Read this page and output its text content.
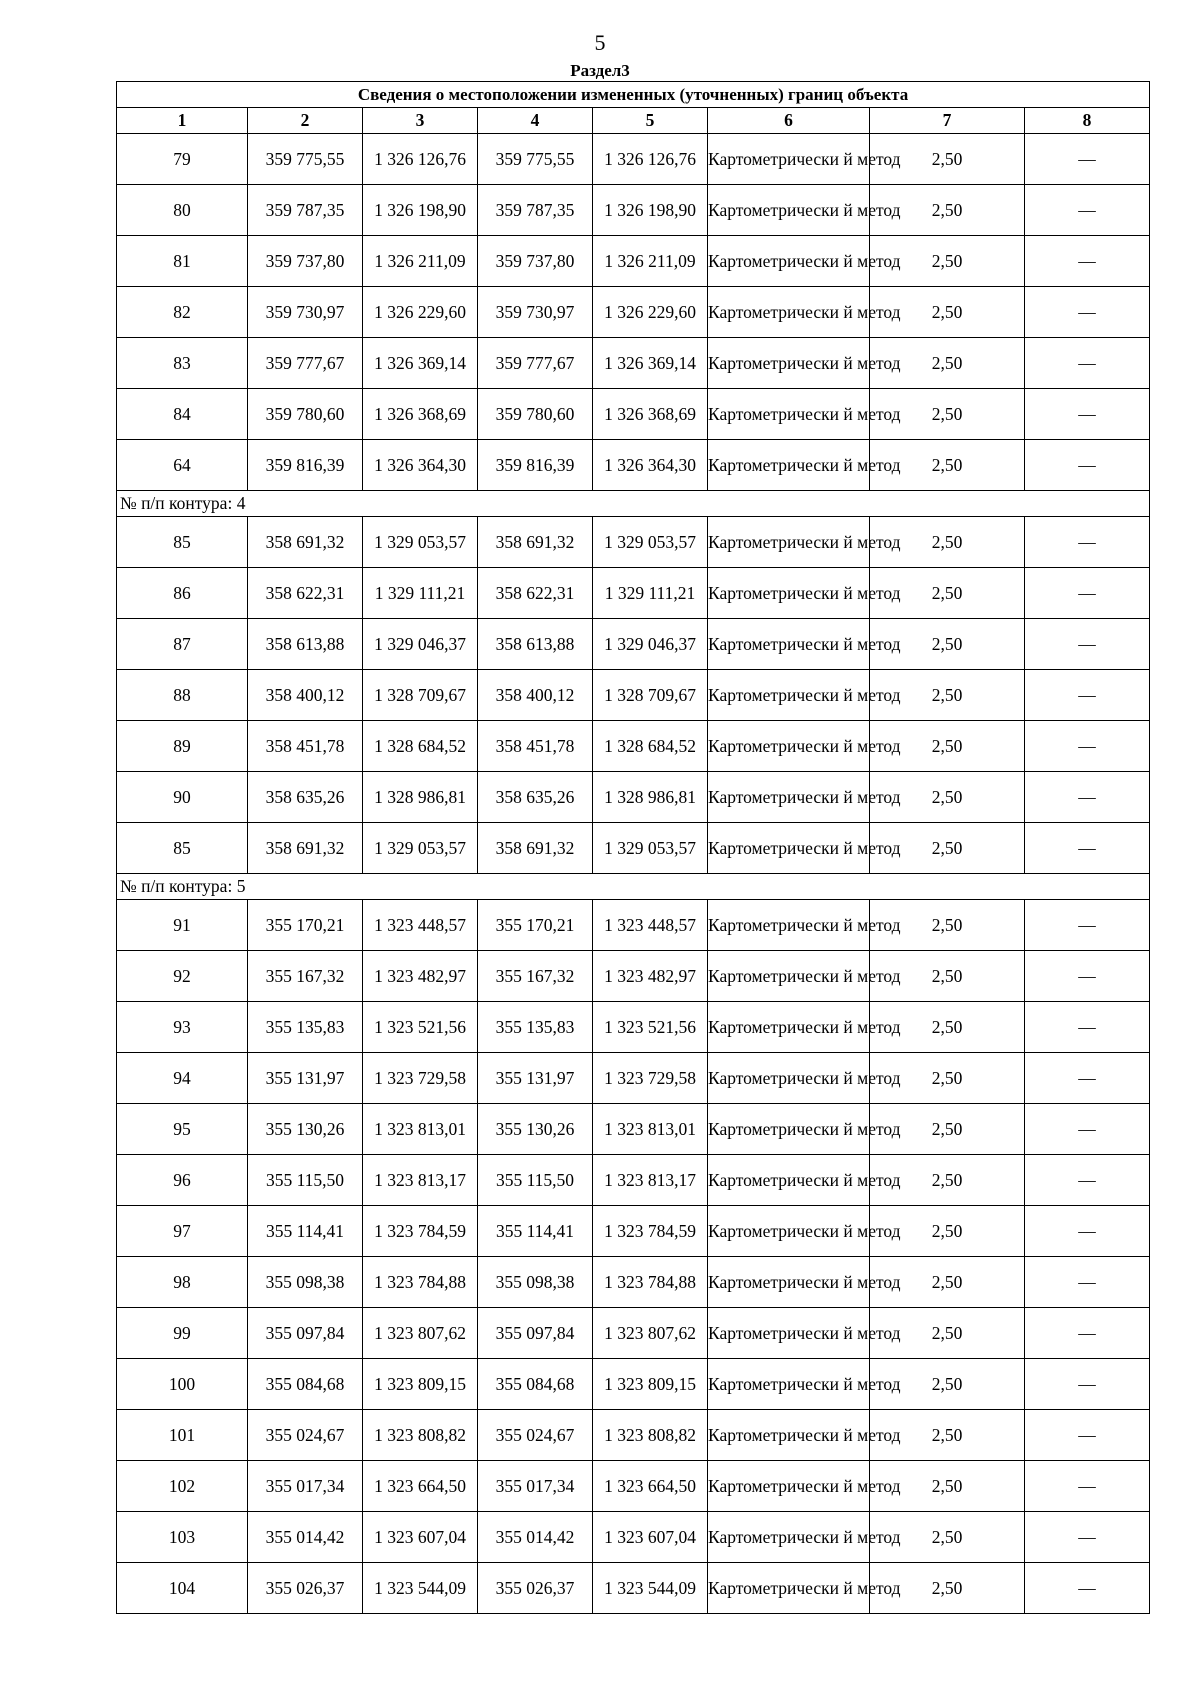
5
Раздел3
Сведения о местоположении измененных (уточненных) границ объекта							
1	2	3	4	5	6	7	8
79	359 775,55	1 326 126,76	359 775,55	1 326 126,76	Картометрически й метод	2,50	—
80	359 787,35	1 326 198,90	359 787,35	1 326 198,90	Картометрически й метод	2,50	—
81	359 737,80	1 326 211,09	359 737,80	1 326 211,09	Картометрически й метод	2,50	—
82	359 730,97	1 326 229,60	359 730,97	1 326 229,60	Картометрически й метод	2,50	—
83	359 777,67	1 326 369,14	359 777,67	1 326 369,14	Картометрически й метод	2,50	—
84	359 780,60	1 326 368,69	359 780,60	1 326 368,69	Картометрически й метод	2,50	—
64	359 816,39	1 326 364,30	359 816,39	1 326 364,30	Картометрически й метод	2,50	—
№ п/п контура: 4							
85	358 691,32	1 329 053,57	358 691,32	1 329 053,57	Картометрически й метод	2,50	—
86	358 622,31	1 329 111,21	358 622,31	1 329 111,21	Картометрически й метод	2,50	—
87	358 613,88	1 329 046,37	358 613,88	1 329 046,37	Картометрически й метод	2,50	—
88	358 400,12	1 328 709,67	358 400,12	1 328 709,67	Картометрически й метод	2,50	—
89	358 451,78	1 328 684,52	358 451,78	1 328 684,52	Картометрически й метод	2,50	—
90	358 635,26	1 328 986,81	358 635,26	1 328 986,81	Картометрически й метод	2,50	—
85	358 691,32	1 329 053,57	358 691,32	1 329 053,57	Картометрически й метод	2,50	—
№ п/п контура: 5							
91	355 170,21	1 323 448,57	355 170,21	1 323 448,57	Картометрически й метод	2,50	—
92	355 167,32	1 323 482,97	355 167,32	1 323 482,97	Картометрически й метод	2,50	—
93	355 135,83	1 323 521,56	355 135,83	1 323 521,56	Картометрически й метод	2,50	—
94	355 131,97	1 323 729,58	355 131,97	1 323 729,58	Картометрически й метод	2,50	—
95	355 130,26	1 323 813,01	355 130,26	1 323 813,01	Картометрически й метод	2,50	—
96	355 115,50	1 323 813,17	355 115,50	1 323 813,17	Картометрически й метод	2,50	—
97	355 114,41	1 323 784,59	355 114,41	1 323 784,59	Картометрически й метод	2,50	—
98	355 098,38	1 323 784,88	355 098,38	1 323 784,88	Картометрически й метод	2,50	—
99	355 097,84	1 323 807,62	355 097,84	1 323 807,62	Картометрически й метод	2,50	—
100	355 084,68	1 323 809,15	355 084,68	1 323 809,15	Картометрически й метод	2,50	—
101	355 024,67	1 323 808,82	355 024,67	1 323 808,82	Картометрически й метод	2,50	—
102	355 017,34	1 323 664,50	355 017,34	1 323 664,50	Картометрически й метод	2,50	—
103	355 014,42	1 323 607,04	355 014,42	1 323 607,04	Картометрически й метод	2,50	—
104	355 026,37	1 323 544,09	355 026,37	1 323 544,09	Картометрически й метод	2,50	—
